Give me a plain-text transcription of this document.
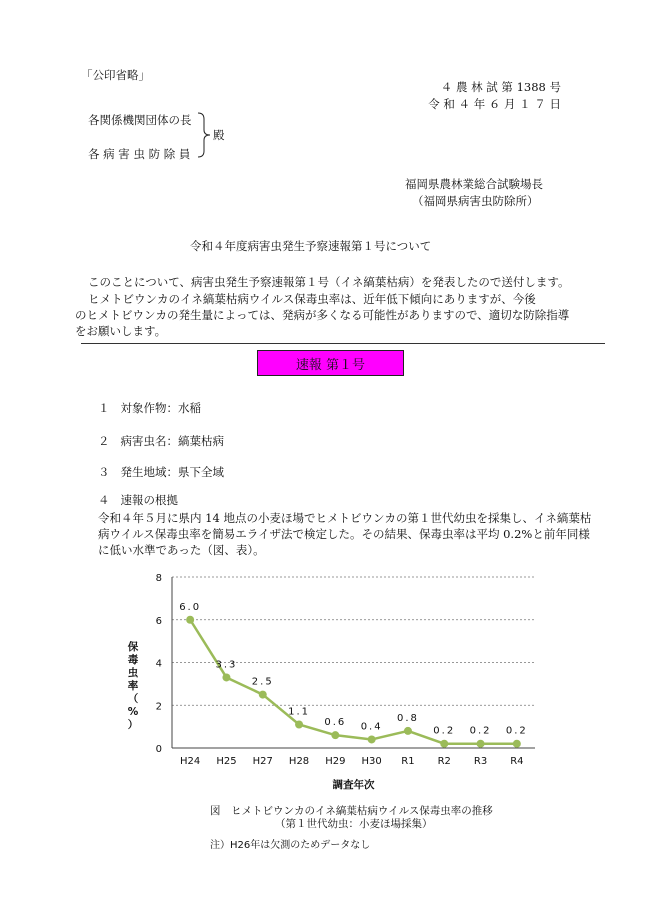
「公印省略」
４ 農 林 試 第 1388 号
令 和 ４ 年 ６ 月 １ ７ 日
各関係機関団体の長
各 病 害 虫 防 除 員
殿
福岡県農林業総合試験場長
（福岡県病害虫防除所）
令和４年度病害虫発生予察速報第１号について
このことについて、病害虫発生予察速報第１号（イネ縞葉枯病）を発表したので送付します。
ヒメトビウンカのイネ縞葉枯病ウイルス保毒虫率は、近年低下傾向にありますが、今後
のヒメトビウンカの発生量によっては、発病が多くなる可能性がありますので、適切な防除指導
をお願いします。
速報 第１号
１ 対象作物：水稲
２ 病害虫名：縞葉枯病
３ 発生地域：県下全域
４ 速報の根拠
令和４年５月に県内 14 地点の小麦ほ場でヒメトビウンカの第１世代幼虫を採集し、イネ縞葉枯
病ウイルス保毒虫率を簡易エライザ法で検定した。その結果、保毒虫率は平均 0.2%と前年同様
に低い水準であった（図、表）。
0
2
4
6
8
H24 H25 H27 H28 H29 H30 R1 R2 R3 R4
調査年次
保毒虫率（%）
6.0
3.3
2.5
1.1
0.6 0.4
0.8
0.2 0.2 0.2
図　ヒメトビウンカのイネ縞葉枯病ウイルス保毒虫率の推移
（第１世代幼虫：小麦ほ場採集）
注）H26年は欠測のためデータなし
